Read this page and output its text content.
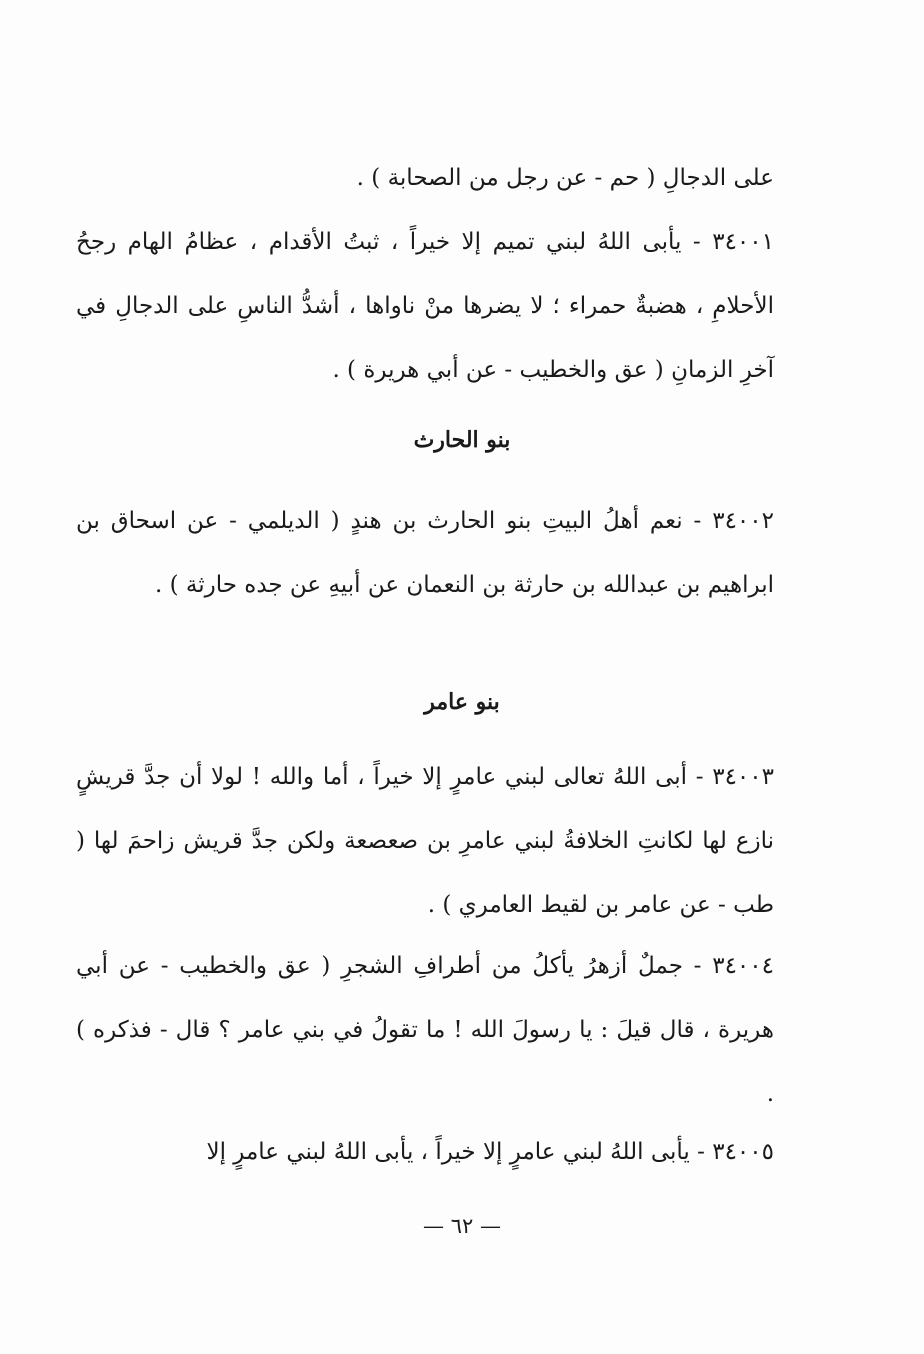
على الدجالِ ( حم - عن رجل من الصحابة ) .

٣٤٠٠١ - يأبى اللهُ لبني تميم إلا خيراً ، ثبتُ الأقدام ، عظامُ الهام رجحُ الأحلامِ ، هضبةٌ حمراء ؛ لا يضرها منْ ناواها ، أشدُّ الناسِ على الدجالِ في آخرِ الزمانِ ( عق والخطيب - عن أبي هريرة ) .

بنو الحارث

٣٤٠٠٢ - نعم أهلُ البيتِ بنو الحارث بن هندٍ ( الديلمي - عن اسحاق بن ابراهيم بن عبدالله بن حارثة بن النعمان عن أبيهِ عن جده حارثة ) .

بنو عامر

٣٤٠٠٣ - أبى اللهُ تعالى لبني عامرٍ إلا خيراً ، أما والله ! لولا أن جدَّ قريشٍ نازع لها لكانتِ الخلافةُ لبني عامرِ بن صعصعة ولكن جدَّ قريش زاحمَ لها ( طب - عن عامر بن لقيط العامري ) .

٣٤٠٠٤ - جملٌ أزهرُ يأكلُ من أطرافِ الشجرِ ( عق والخطيب - عن أبي هريرة ، قال قيلَ : يا رسولَ الله ! ما تقولُ في بني عامر ؟ قال - فذكره ) .

٣٤٠٠٥ - يأبى اللهُ لبني عامرٍ إلا خيراً ، يأبى اللهُ لبني عامرٍ إلا

— ٦٢ —
